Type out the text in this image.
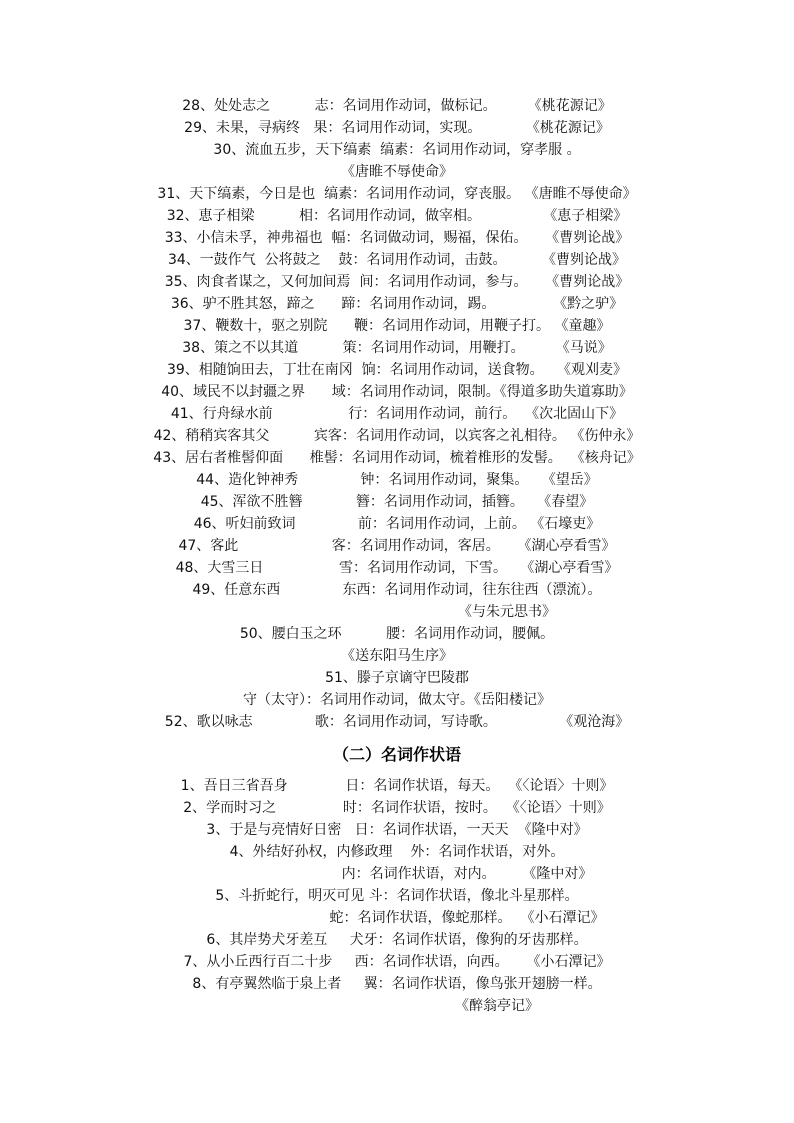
28、处处志之          志：名词用作动词，做标记。       《桃花源记》
29、未果，寻病终   果：名词用作动词，实现。          《桃花源记》
30、流血五步，天下缟素  缟素：名词用作动词，穿孝服 。
《唐睢不辱使命》
31、天下缟素，今日是也  缟素：名词用作动词，穿丧服。 《唐睢不辱使命》
32、恵子相梁          相：名词用作动词，做宰相。              《恵子相梁》
33、小信未孚，神弗福也  幅：名词做动词，赐福，保佑。    《曹刿论战》
34、一鼓作气  公将鼓之    鼓：名词用作动词，击鼓。        《曹刿论战》
35、肉食者谋之，又何加间焉  间：名词用作动词，参与。    《曹刿论战》
36、驴不胜其怒，蹄之      蹄：名词用作动词，踢。             《黔之驴》
37、鞭数十，驱之别院      鞭：名词用作动词，用鞭子打。 《童趣》
38、策之不以其道          策：名词用作动词，用鞭打。       《马说》
39、相随饷田去，丁壮在南冈  饷：名词用作动词，送食物。   《观刈麦》
40、域民不以封疆之界      域：名词用作动词，限制。《得道多助失道寡助》
41、行舟绿水前                 行：名词用作动词，前行。  《次北固山下》
42、稍稍宾客其父          宾客：名词用作动词，以宾客之礼相待。 《伤仲永》
43、居右者椎髻仰面      椎髻：名词用作动词，梳着椎形的发髻。  《核舟记》
44、造化钟神秀              钟：名词用作动词，聚集。   《望岳》
45、浑欲不胜簪            簪：名词用作动词，插簪。   《春望》
46、听妇前致词              前：名词用作动词，上前。 《石壕吏》
47、客此                     客：名词用作动词，客居。    《湖心亭看雪》
48、大雪三日                 雪：名词用作动词，下雪。   《湖心亭看雪》
49、任意东西              东西：名词用作动词，往东往西（漂流）。
《与朱元思书》
50、腰白玉之环          腰：名词用作动词，腰佩。
《送东阳马生序》
51、滕子京谪守巴陵郡
守（太守）：名词用作动词，做太守。《岳阳楼记》
52、歌以咏志              歌：名词用作动词，写诗歌。              《观沧海》
（二）名词作状语
1、吾日三省吾身             日：名词作状语，每天。  《〈论语〉十则》
2、学而时习之               时：名词作状语，按时。  《〈论语〉十则》
3、于是与亮情好日密   日：名词作状语，一天天  《隆中对》
4、外结好孙权，内修政理    外：名词作状语，对外。
内：名词作状语，对内。      《隆中对》
5、斗折蛇行，明灭可见 斗：名词作状语，像北斗星那样。
蛇：名词作状语，像蛇那样。  《小石潭记》
6、其岸势犬牙差互     犬牙：名词作状语，像狗的牙齿那样。
7、从小丘西行百二十步     西：名词作状语，向西。    《小石潭记》
8、有亭翼然临于泉上者     翼：名词作状语，像鸟张开翅膀一样。
《醉翁亭记》
